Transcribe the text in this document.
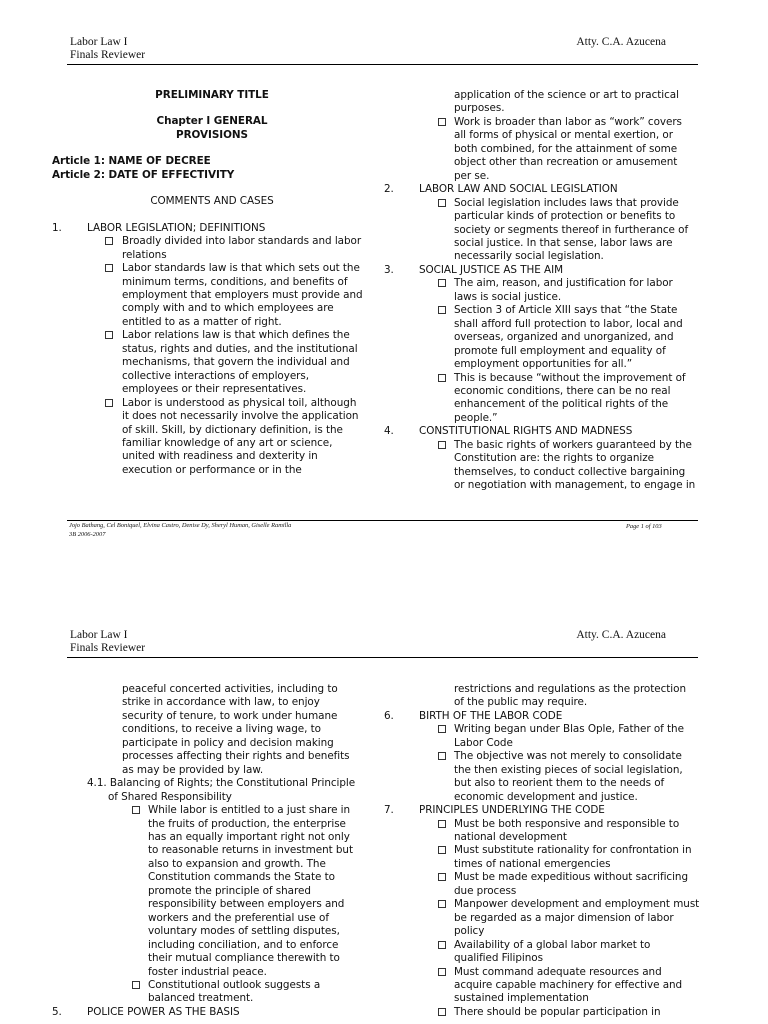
Labor Law I
Finals Reviewer
Atty. C.A. Azucena

PRELIMINARY TITLE

Chapter I GENERAL

PROVISIONS

Article 1: NAME OF DECREE

Article 2: DATE OF EFFECTIVITY

COMMENTS AND CASES

1. LABOR LEGISLATION; DEFINITIONS

Broadly divided into labor standards and labor

relations

Labor standards law is that which sets out the

minimum terms, conditions, and benefits of

employment that employers must provide and

comply with and to which employees are

entitled to as a matter of right.

Labor relations law is that which defines the

status, rights and duties, and the institutional

mechanisms, that govern the individual and

collective interactions of employers,

employees or their representatives.

Labor is understood as physical toil, although

it does not necessarily involve the application

of skill. Skill, by dictionary definition, is the

familiar knowledge of any art or science,

united with readiness and dexterity in

execution or performance or in the

application of the science or art to practical

purposes.

Work is broader than labor as “work” covers

all forms of physical or mental exertion, or

both combined, for the attainment of some

object other than recreation or amusement

per se.

2. LABOR LAW AND SOCIAL LEGISLATION

Social legislation includes laws that provide

particular kinds of protection or benefits to

society or segments thereof in furtherance of

social justice. In that sense, labor laws are

necessarily social legislation.

3. SOCIAL JUSTICE AS THE AIM

The aim, reason, and justification for labor

laws is social justice.

Section 3 of Article XIII says that “the State

shall afford full protection to labor, local and

overseas, organized and unorganized, and

promote full employment and equality of

employment opportunities for all.”

This is because “without the improvement of

economic conditions, there can be no real

enhancement of the political rights of the

people.”

4. CONSTITUTIONAL RIGHTS AND MADNESS

The basic rights of workers guaranteed by the

Constitution are: the rights to organize

themselves, to conduct collective bargaining

or negotiation with management, to engage in

Jojo Bathang, Cel Boniquel, Elvina Castro, Denise Dy, Sheryl Human, Giselle Ramilla
3B 2006-2007
Page 1 of 103
Labor Law I
Finals Reviewer
Atty. C.A. Azucena

peaceful concerted activities, including to

strike in accordance with law, to enjoy

security of tenure, to work under humane

conditions, to receive a living wage, to

participate in policy and decision making

processes affecting their rights and benefits

as may be provided by law.

4.1. Balancing of Rights; the Constitutional Principle

of Shared Responsibility

While labor is entitled to a just share in

the fruits of production, the enterprise

has an equally important right not only

to reasonable returns in investment but

also to expansion and growth. The

Constitution commands the State to

promote the principle of shared

responsibility between employers and

workers and the preferential use of

voluntary modes of settling disputes,

including conciliation, and to enforce

their mutual compliance therewith to

foster industrial peace.

Constitutional outlook suggests a

balanced treatment.

5. POLICE POWER AS THE BASIS

restrictions and regulations as the protection

of the public may require.

6. BIRTH OF THE LABOR CODE

Writing began under Blas Ople, Father of the

Labor Code

The objective was not merely to consolidate

the then existing pieces of social legislation,

but also to reorient them to the needs of

economic development and justice.

7. PRINCIPLES UNDERLYING THE CODE

Must be both responsive and responsible to

national development

Must substitute rationality for confrontation in

times of national emergencies

Must be made expeditious without sacrificing

due process

Manpower development and employment must

be regarded as a major dimension of labor

policy

Availability of a global labor market to

qualified Filipinos

Must command adequate resources and

acquire capable machinery for effective and

sustained implementation

There should be popular participation in
